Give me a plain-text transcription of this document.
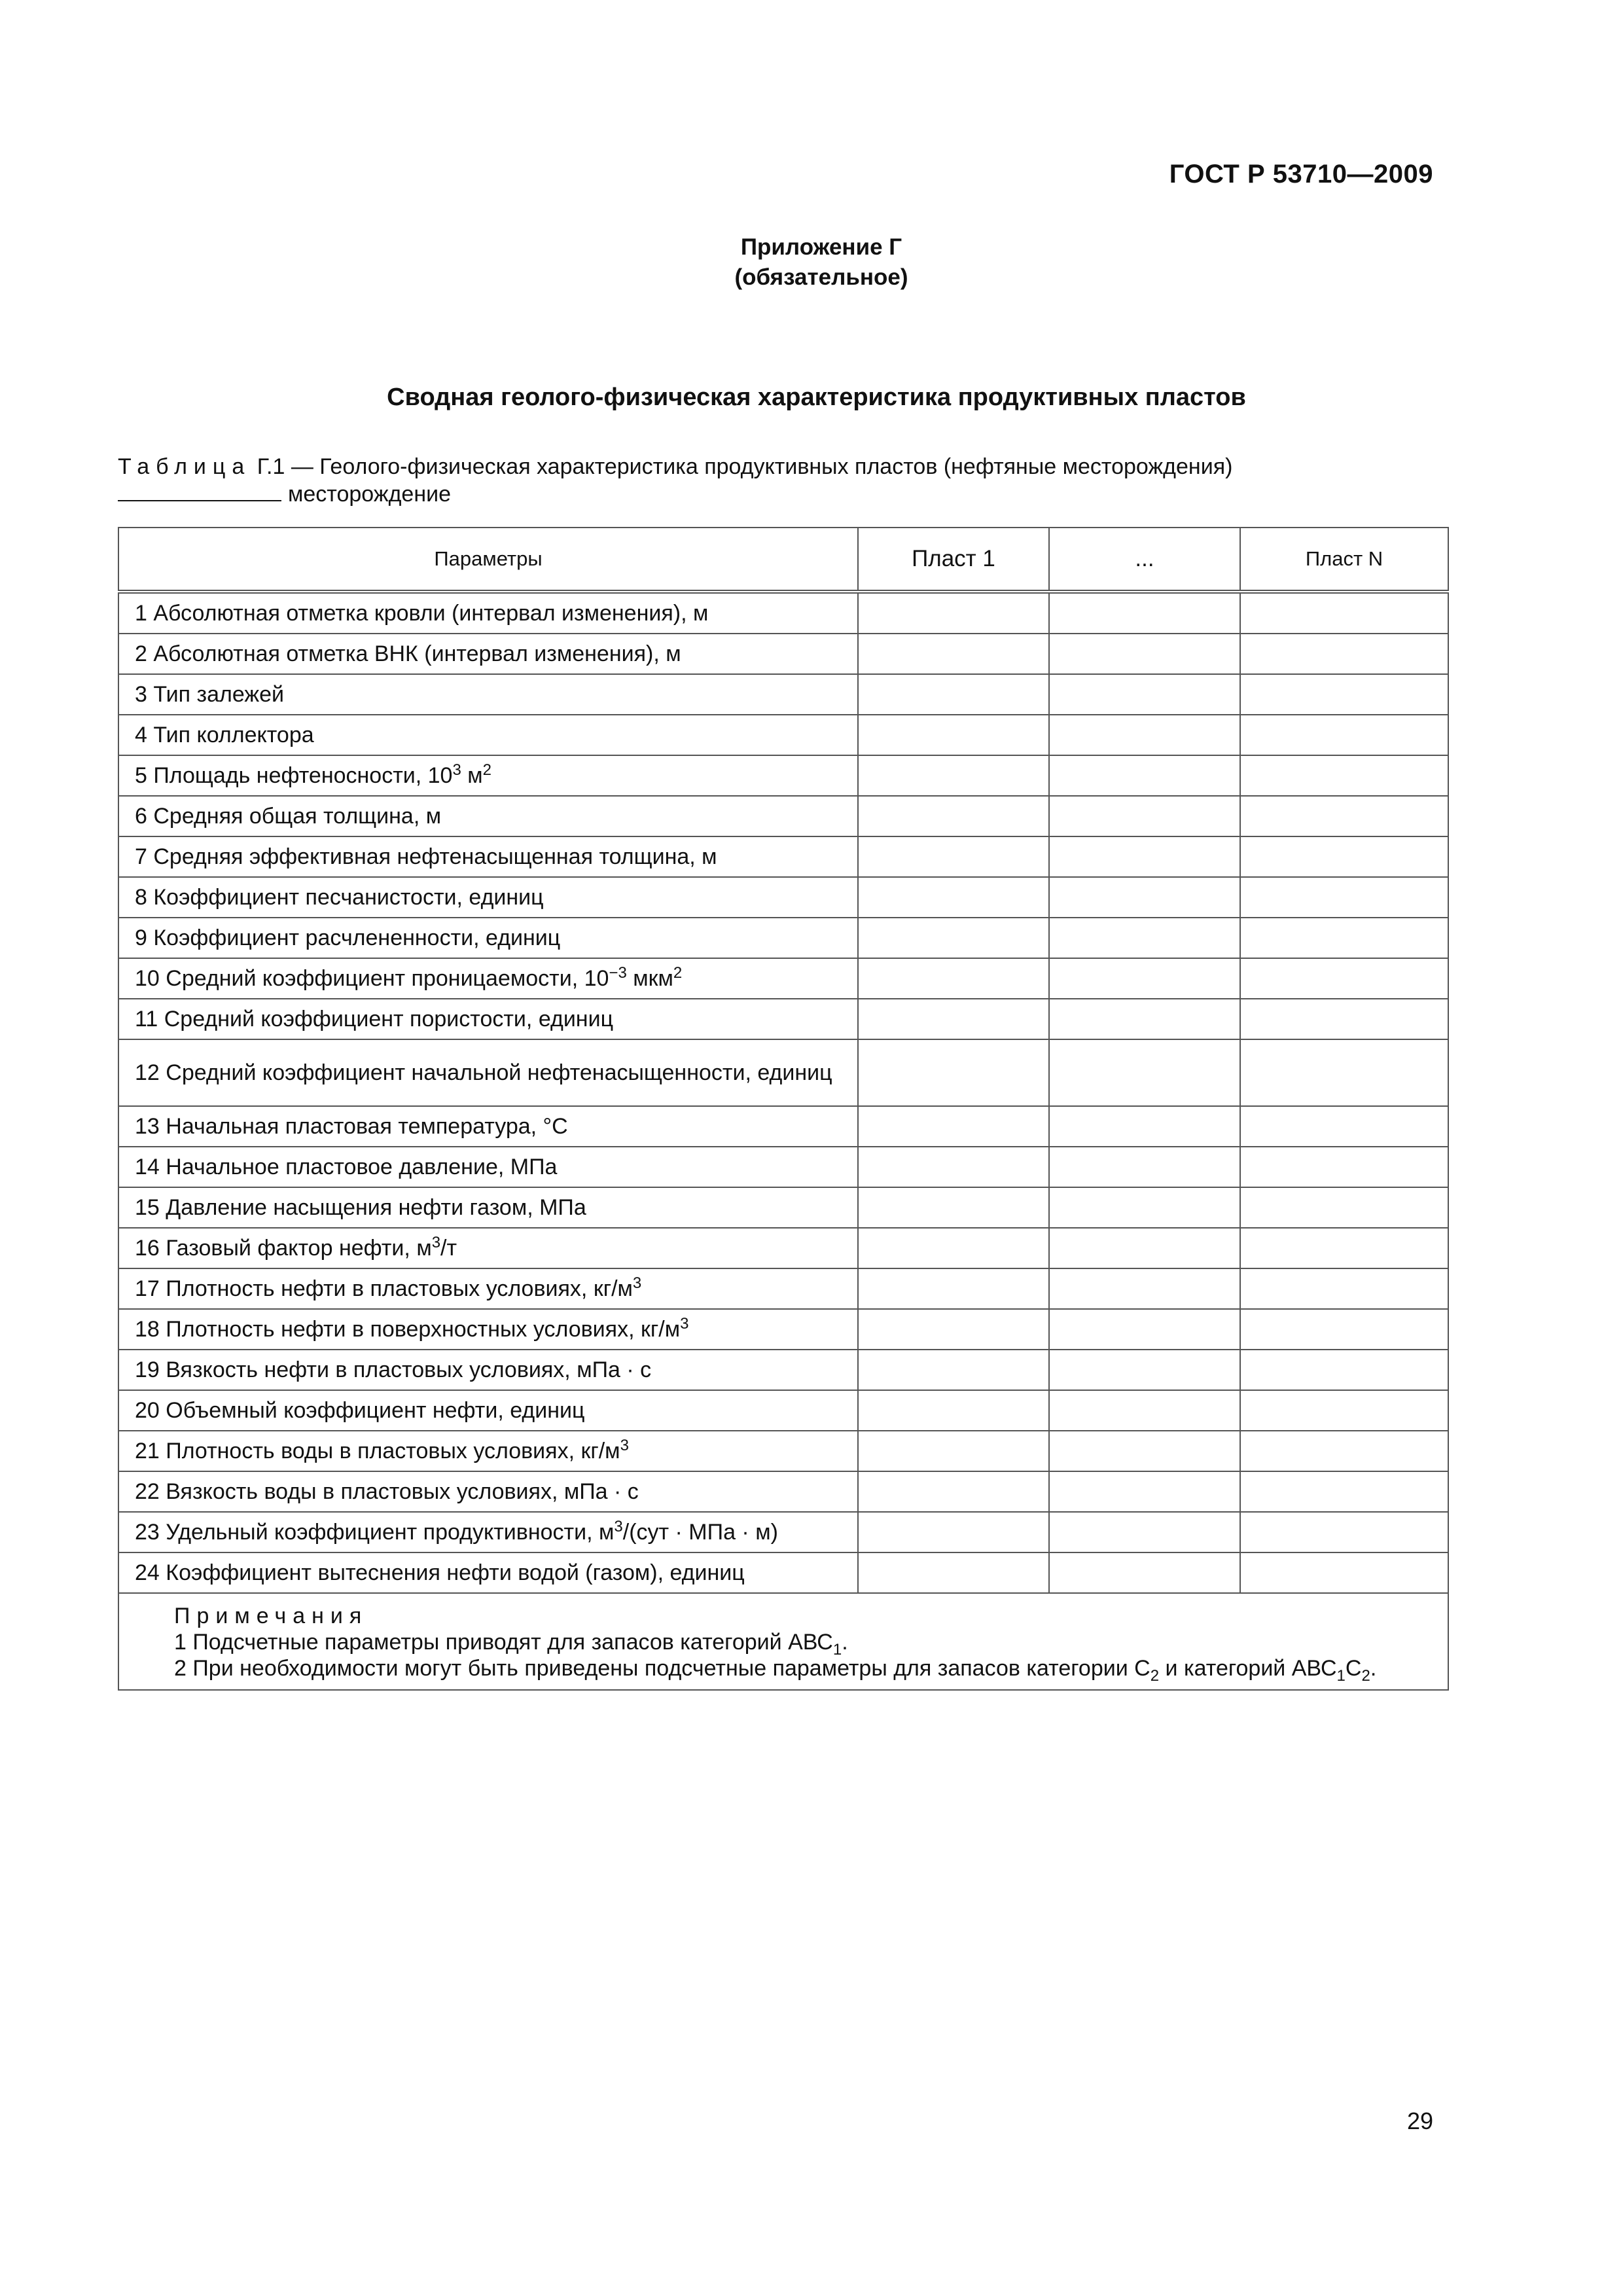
ГОСТ Р 53710—2009
Приложение Г
(обязательное)
Сводная геолого-физическая характеристика продуктивных пластов
Таблица Г.1 — Геолого-физическая характеристика продуктивных пластов (нефтяные месторождения)
месторождение
Параметры	Пласт 1	...	Пласт N
1 Абсолютная отметка кровли (интервал изменения), м			
2 Абсолютная отметка ВНК (интервал изменения), м			
3 Тип залежей			
4 Тип коллектора			
5 Площадь нефтеносности, $10^3$ $м^2$			
6 Средняя общая толщина, м			
7 Средняя эффективная нефтенасыщенная толщина, м			
8 Коэффициент песчанистости, единиц			
9 Коэффициент расчлененности, единиц			
10 Средний коэффициент проницаемости, $10^{-3}$ мкм$^2$			
11 Средний коэффициент пористости, единиц			
12 Средний коэффициент начальной нефтенасыщенности, единиц			
13 Начальная пластовая температура, °С			
14 Начальное пластовое давление, МПа			
15 Давление насыщения нефти газом, МПа			
16 Газовый фактор нефти, $м^3/т$			
17 Плотность нефти в пластовых условиях, $кг/м^3$			
18 Плотность нефти в поверхностных условиях, $кг/м^3$			
19 Вязкость нефти в пластовых условиях, мПа · с			
20 Объемный коэффициент нефти, единиц			
21 Плотность воды в пластовых условиях, $кг/м^3$			
22 Вязкость воды в пластовых условиях, мПа · с			
23 Удельный коэффициент продуктивности, $м^3/(сут$ · МПа · м)			
24 Коэффициент вытеснения нефти водой (газом), единиц			

Примечания
1 Подсчетные параметры приводят для запасов категорий $АВС_1$.
2 При необходимости могут быть приведены подсчетные параметры для запасов категории $С_2$ и категорий $АВС_1С_2$.			
29
